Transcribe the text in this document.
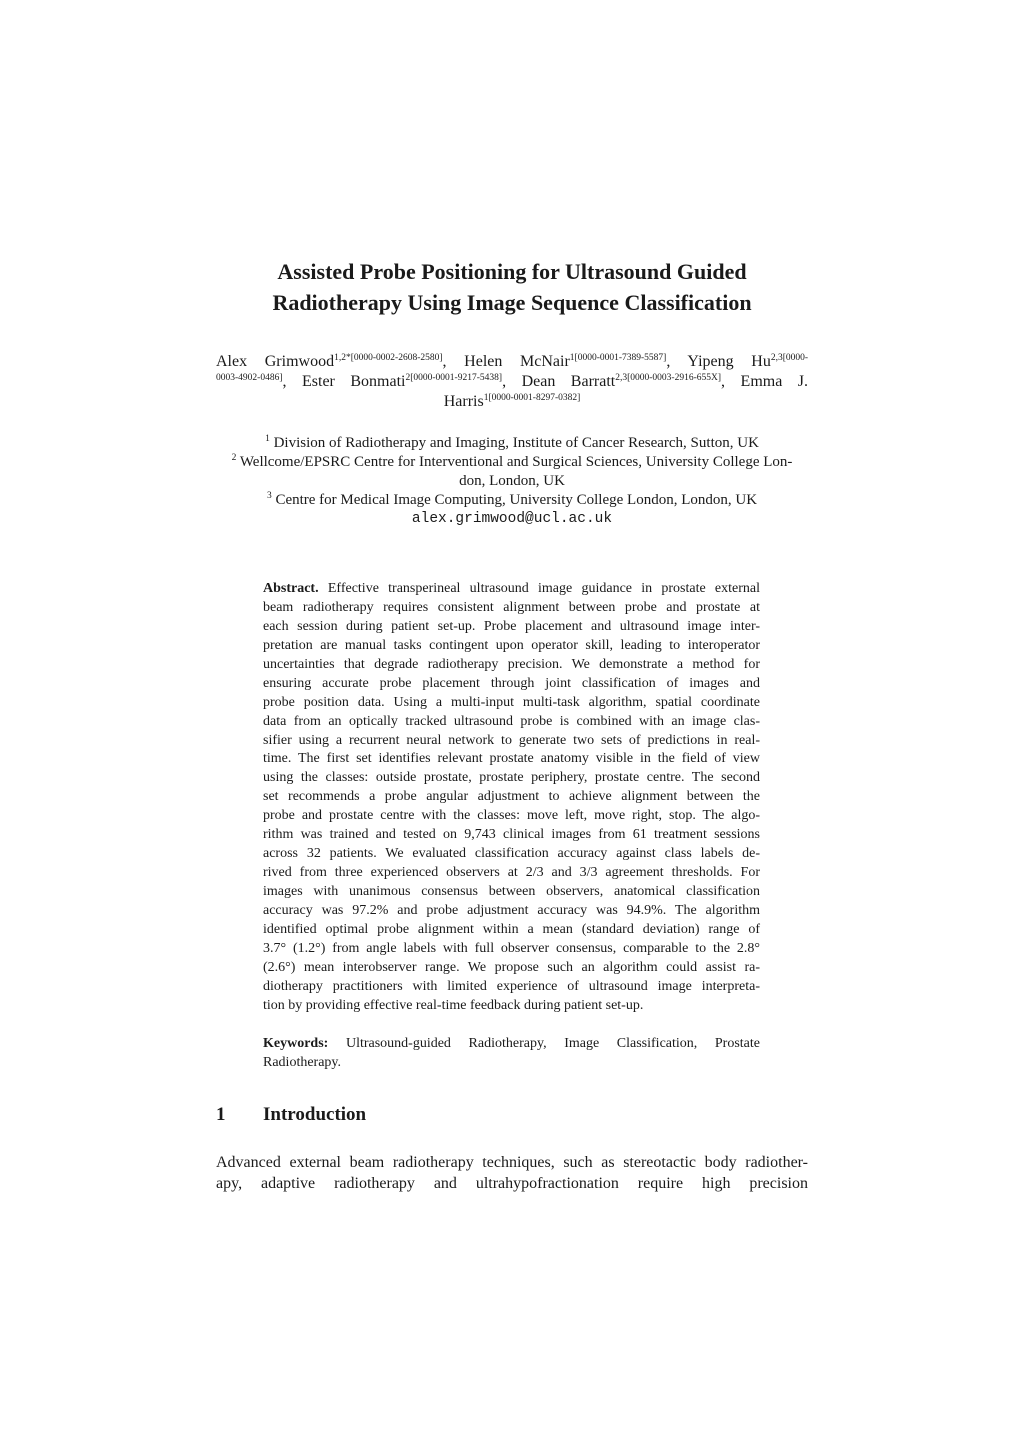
Assisted Probe Positioning for Ultrasound Guided
Radiotherapy Using Image Sequence Classification
Alex Grimwood$^{1,2*[0000-0002-2608-2580]}$, Helen McNair$^{1[0000-0001-7389-5587]}$, Yipeng $Hu^{2,3[0000-}$
$^{0003-4902-0486]}$, Ester Bonmati$^{2[0000-0001-9217-5438]}$, Dean Barratt$^{2,3[0000-0003-2916-655X]}$, Emma J.
Harris$^{1[0000-0001-8297-0382]}$
$^1$ Division of Radiotherapy and Imaging, Institute of Cancer Research, Sutton, UK
$^2$ Wellcome/EPSRC Centre for Interventional and Surgical Sciences, University College Lon-
don, London, UK
$^3$ Centre for Medical Image Computing, University College London, London, UK
alex.grimwood@ucl.ac.uk
Abstract. Effective transperineal ultrasound image guidance in prostate external
beam radiotherapy requires consistent alignment between probe and prostate at
each session during patient set-up. Probe placement and ultrasound image inter-
pretation are manual tasks contingent upon operator skill, leading to interoperator
uncertainties that degrade radiotherapy precision. We demonstrate a method for
ensuring accurate probe placement through joint classification of images and
probe position data. Using a multi-input multi-task algorithm, spatial coordinate
data from an optically tracked ultrasound probe is combined with an image clas-
sifier using a recurrent neural network to generate two sets of predictions in real-
time. The first set identifies relevant prostate anatomy visible in the field of view
using the classes: outside prostate, prostate periphery, prostate centre. The second
set recommends a probe angular adjustment to achieve alignment between the
probe and prostate centre with the classes: move left, move right, stop. The algo-
rithm was trained and tested on 9,743 clinical images from 61 treatment sessions
across 32 patients. We evaluated classification accuracy against class labels de-
rived from three experienced observers at 2/3 and 3/3 agreement thresholds. For
images with unanimous consensus between observers, anatomical classification
accuracy was 97.2% and probe adjustment accuracy was 94.9%. The algorithm
identified optimal probe alignment within a mean (standard deviation) range of
3.7° (1.2°) from angle labels with full observer consensus, comparable to the 2.8°
(2.6°) mean interobserver range. We propose such an algorithm could assist ra-
diotherapy practitioners with limited experience of ultrasound image interpreta-
tion by providing effective real-time feedback during patient set-up.
Keywords: Ultrasound-guided Radiotherapy, Image Classification, Prostate
Radiotherapy.
1 Introduction
Advanced external beam radiotherapy techniques, such as stereotactic body radiother-
apy, adaptive radiotherapy and ultrahypofractionation require high precision
